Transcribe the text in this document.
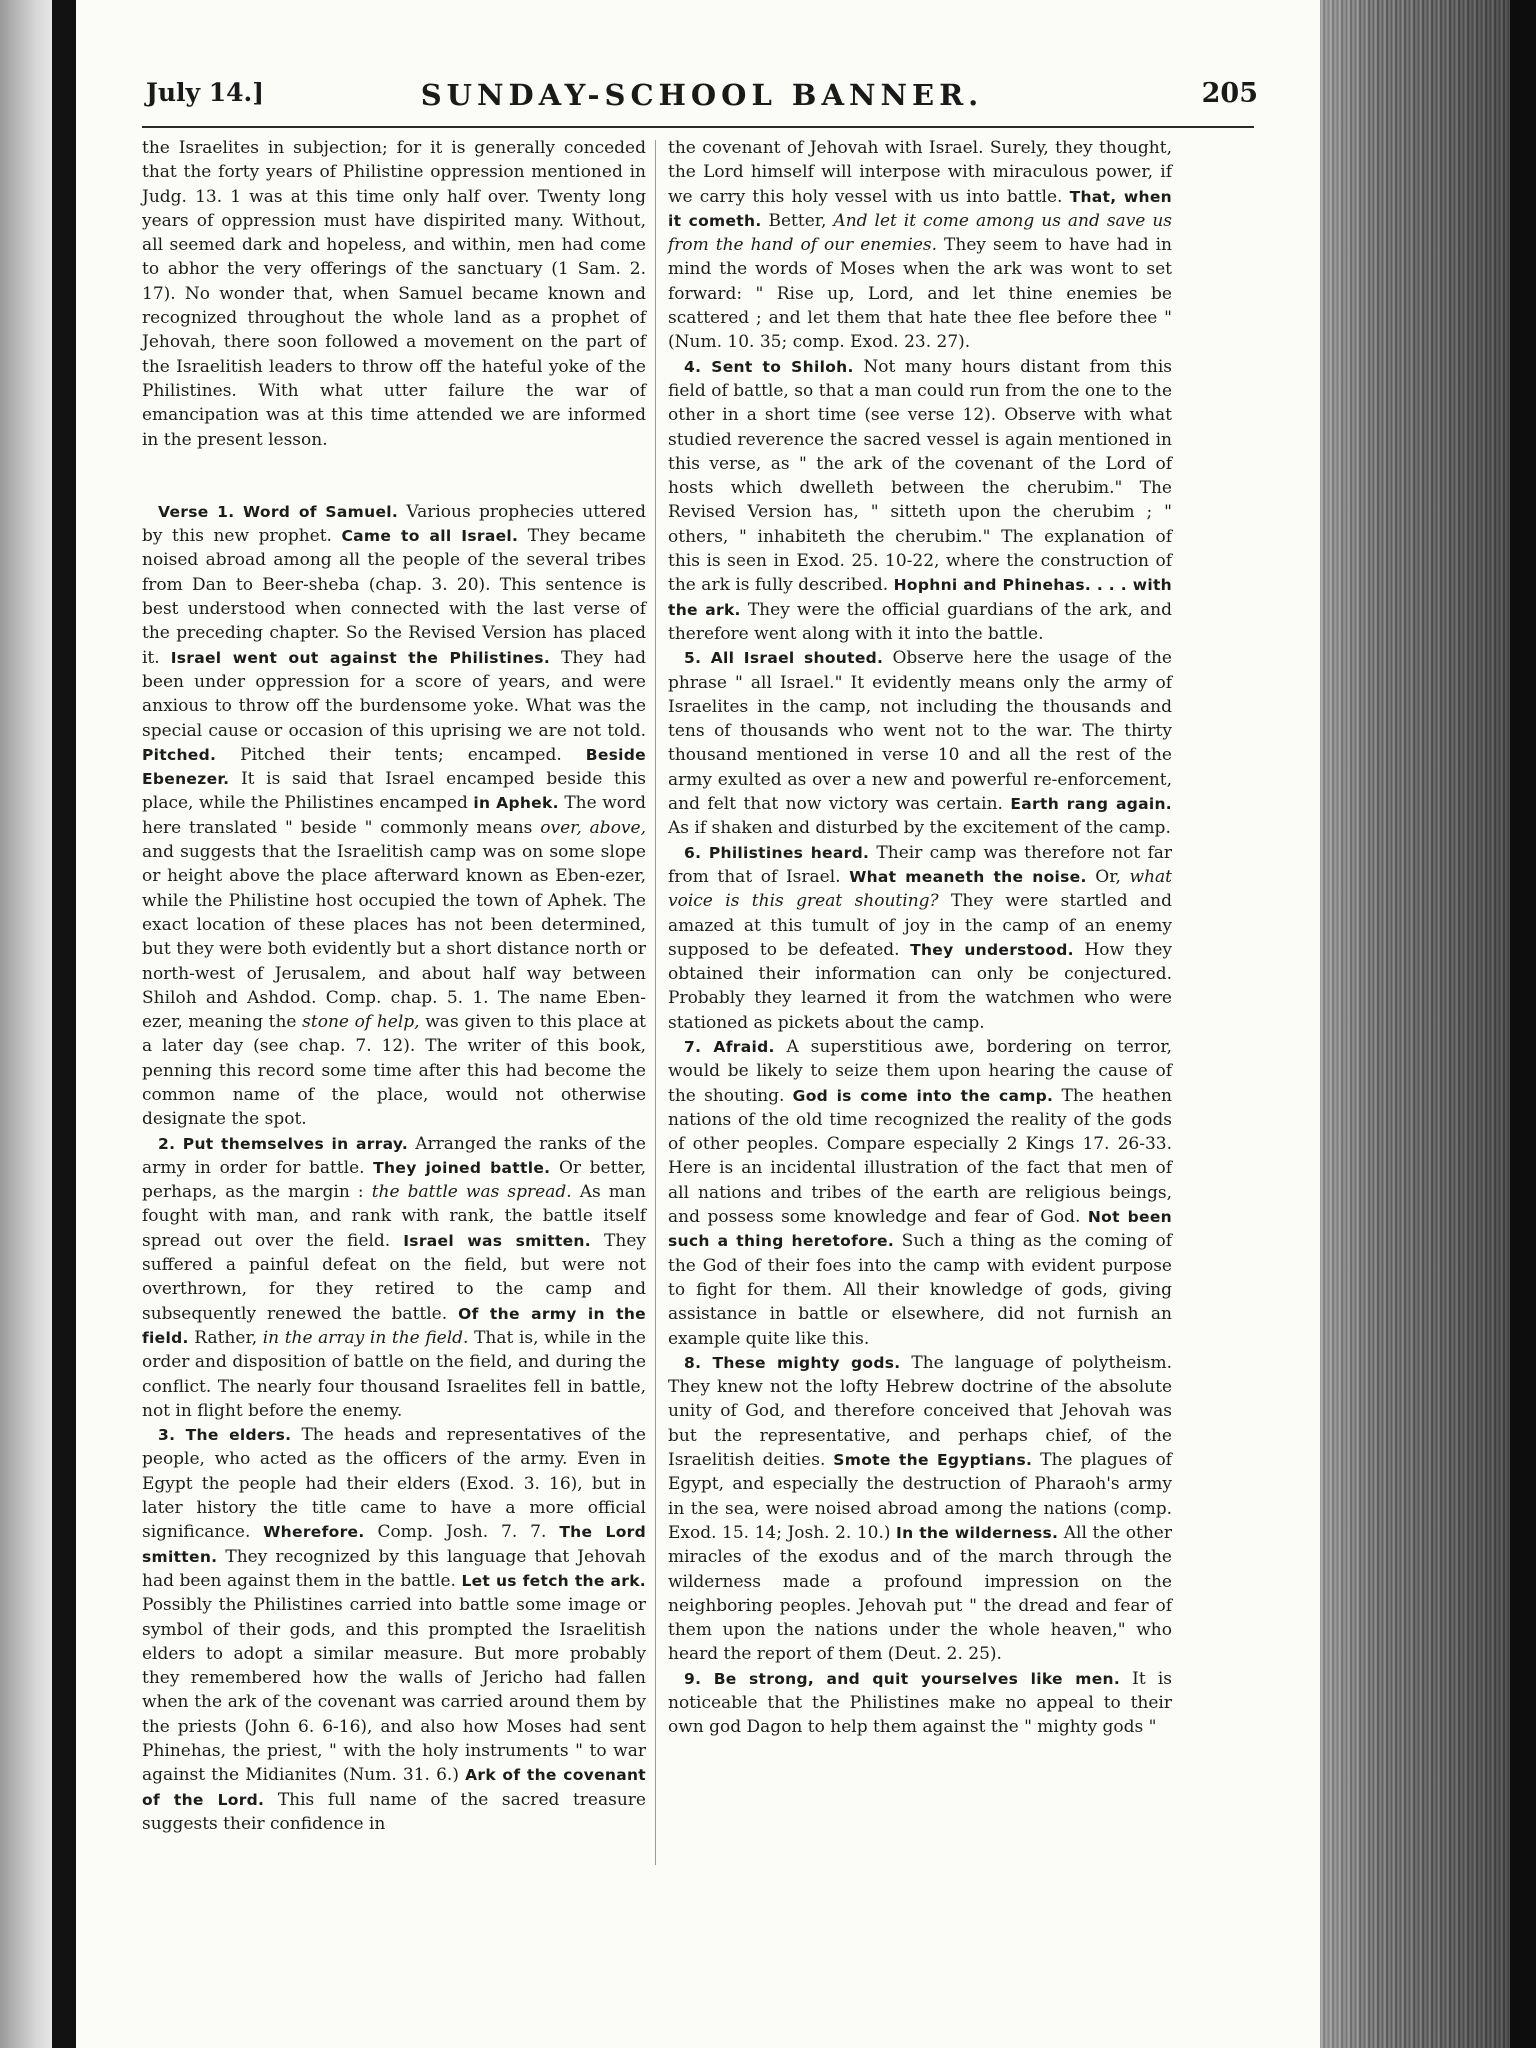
July 14.]	SUNDAY-SCHOOL BANNER.	205

the Israelites in subjection; for it is generally conceded that the forty years of Philistine oppression mentioned in Judg. 13. 1 was at this time only half over. Twenty long years of oppression must have dispirited many. Without, all seemed dark and hopeless, and within, men had come to abhor the very offerings of the sanctuary (1 Sam. 2. 17). No wonder that, when Samuel became known and recognized throughout the whole land as a prophet of Jehovah, there soon followed a movement on the part of the Israelitish leaders to throw off the hateful yoke of the Philistines. With what utter failure the war of emancipation was at this time attended we are informed in the present lesson.

Verse 1. Word of Samuel. Various prophecies uttered by this new prophet. Came to all Israel. They became noised abroad among all the people of the several tribes from Dan to Beer-sheba (chap. 3. 20). This sentence is best understood when connected with the last verse of the preceding chapter. So the Revised Version has placed it. Israel went out against the Philistines. They had been under oppression for a score of years, and were anxious to throw off the burdensome yoke. What was the special cause or occasion of this uprising we are not told. Pitched. Pitched their tents; encamped. Beside Ebenezer. It is said that Israel encamped beside this place, while the Philistines encamped in Aphek. The word here translated " beside " commonly means over, above, and suggests that the Israelitish camp was on some slope or height above the place afterward known as Eben-ezer, while the Philistine host occupied the town of Aphek. The exact location of these places has not been determined, but they were both evidently but a short distance north or north-west of Jerusalem, and about half way between Shiloh and Ashdod. Comp. chap. 5. 1. The name Eben-ezer, meaning the stone of help, was given to this place at a later day (see chap. 7. 12). The writer of this book, penning this record some time after this had become the common name of the place, would not otherwise designate the spot.

2. Put themselves in array. Arranged the ranks of the army in order for battle. They joined battle. Or better, perhaps, as the margin : the battle was spread. As man fought with man, and rank with rank, the battle itself spread out over the field. Israel was smitten. They suffered a painful defeat on the field, but were not overthrown, for they retired to the camp and subsequently renewed the battle. Of the army in the field. Rather, in the array in the field. That is, while in the order and disposition of battle on the field, and during the conflict. The nearly four thousand Israelites fell in battle, not in flight before the enemy.

3. The elders. The heads and representatives of the people, who acted as the officers of the army. Even in Egypt the people had their elders (Exod. 3. 16), but in later history the title came to have a more official significance. Wherefore. Comp. Josh. 7. 7. The Lord smitten. They recognized by this language that Jehovah had been against them in the battle. Let us fetch the ark. Possibly the Philistines carried into battle some image or symbol of their gods, and this prompted the Israelitish elders to adopt a similar measure. But more probably they remembered how the walls of Jericho had fallen when the ark of the covenant was carried around them by the priests (John 6. 6-16), and also how Moses had sent Phinehas, the priest, " with the holy instruments " to war against the Midianites (Num. 31. 6.) Ark of the covenant of the Lord. This full name of the sacred treasure suggests their confidence in

the covenant of Jehovah with Israel. Surely, they thought, the Lord himself will interpose with miraculous power, if we carry this holy vessel with us into battle. That, when it cometh. Better, And let it come among us and save us from the hand of our enemies. They seem to have had in mind the words of Moses when the ark was wont to set forward: " Rise up, Lord, and let thine enemies be scattered ; and let them that hate thee flee before thee " (Num. 10. 35; comp. Exod. 23. 27).

4. Sent to Shiloh. Not many hours distant from this field of battle, so that a man could run from the one to the other in a short time (see verse 12). Observe with what studied reverence the sacred vessel is again mentioned in this verse, as " the ark of the covenant of the Lord of hosts which dwelleth between the cherubim." The Revised Version has, " sitteth upon the cherubim ; " others, " inhabiteth the cherubim." The explanation of this is seen in Exod. 25. 10-22, where the construction of the ark is fully described. Hophni and Phinehas. . . . with the ark. They were the official guardians of the ark, and therefore went along with it into the battle.

5. All Israel shouted. Observe here the usage of the phrase " all Israel." It evidently means only the army of Israelites in the camp, not including the thousands and tens of thousands who went not to the war. The thirty thousand mentioned in verse 10 and all the rest of the army exulted as over a new and powerful re-enforcement, and felt that now victory was certain. Earth rang again. As if shaken and disturbed by the excitement of the camp.

6. Philistines heard. Their camp was therefore not far from that of Israel. What meaneth the noise. Or, what voice is this great shouting? They were startled and amazed at this tumult of joy in the camp of an enemy supposed to be defeated. They understood. How they obtained their information can only be conjectured. Probably they learned it from the watchmen who were stationed as pickets about the camp.

7. Afraid. A superstitious awe, bordering on terror, would be likely to seize them upon hearing the cause of the shouting. God is come into the camp. The heathen nations of the old time recognized the reality of the gods of other peoples. Compare especially 2 Kings 17. 26-33. Here is an incidental illustration of the fact that men of all nations and tribes of the earth are religious beings, and possess some knowledge and fear of God. Not been such a thing heretofore. Such a thing as the coming of the God of their foes into the camp with evident purpose to fight for them. All their knowledge of gods, giving assistance in battle or elsewhere, did not furnish an example quite like this.

8. These mighty gods. The language of polytheism. They knew not the lofty Hebrew doctrine of the absolute unity of God, and therefore conceived that Jehovah was but the representative, and perhaps chief, of the Israelitish deities. Smote the Egyptians. The plagues of Egypt, and especially the destruction of Pharaoh's army in the sea, were noised abroad among the nations (comp. Exod. 15. 14; Josh. 2. 10.) In the wilderness. All the other miracles of the exodus and of the march through the wilderness made a profound impression on the neighboring peoples. Jehovah put " the dread and fear of them upon the nations under the whole heaven," who heard the report of them (Deut. 2. 25).

9. Be strong, and quit yourselves like men. It is noticeable that the Philistines make no appeal to their own god Dagon to help them against the " mighty gods "
